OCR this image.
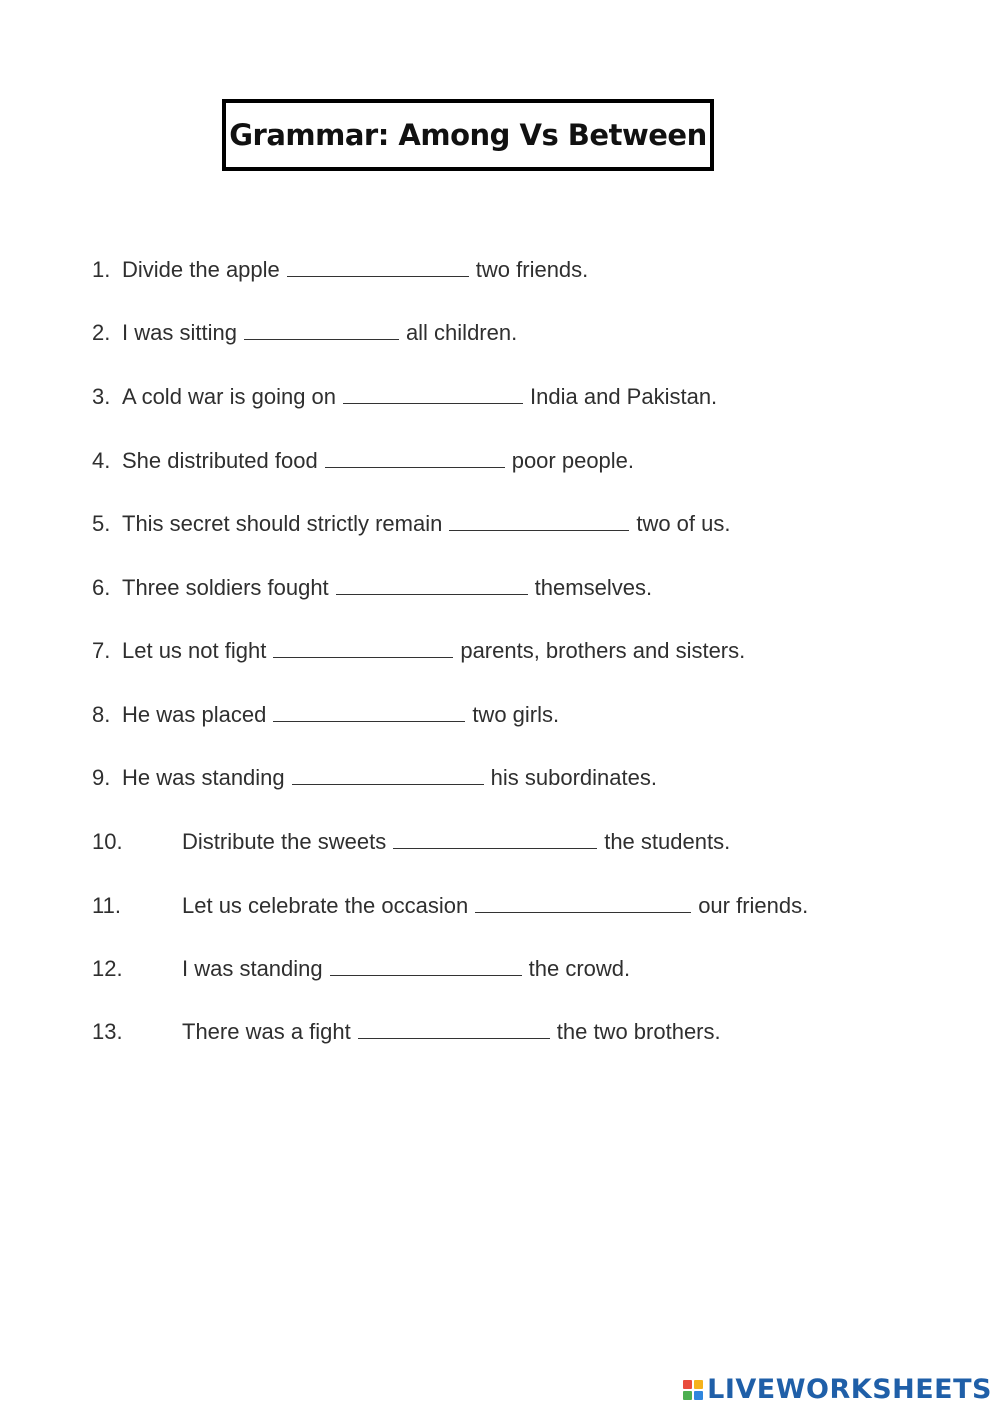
Grammar: Among Vs Between
1. Divide the apple	two friends.
2. I was sitting	all children.
3. A cold war is going on	India and Pakistan.
4. She distributed food	poor people.
5. This secret should strictly remain	two of us.
6. Three soldiers fought	themselves.
7. Let us not fight	parents, brothers and sisters.
8. He was placed	two girls.
9. He was standing	his subordinates.
10.	Distribute the sweets	the students.
11.	Let us celebrate the occasion	our friends.
12.	I was standing	the crowd.
13.	There was a fight	the two brothers.
LIVEWORKSHEETS
